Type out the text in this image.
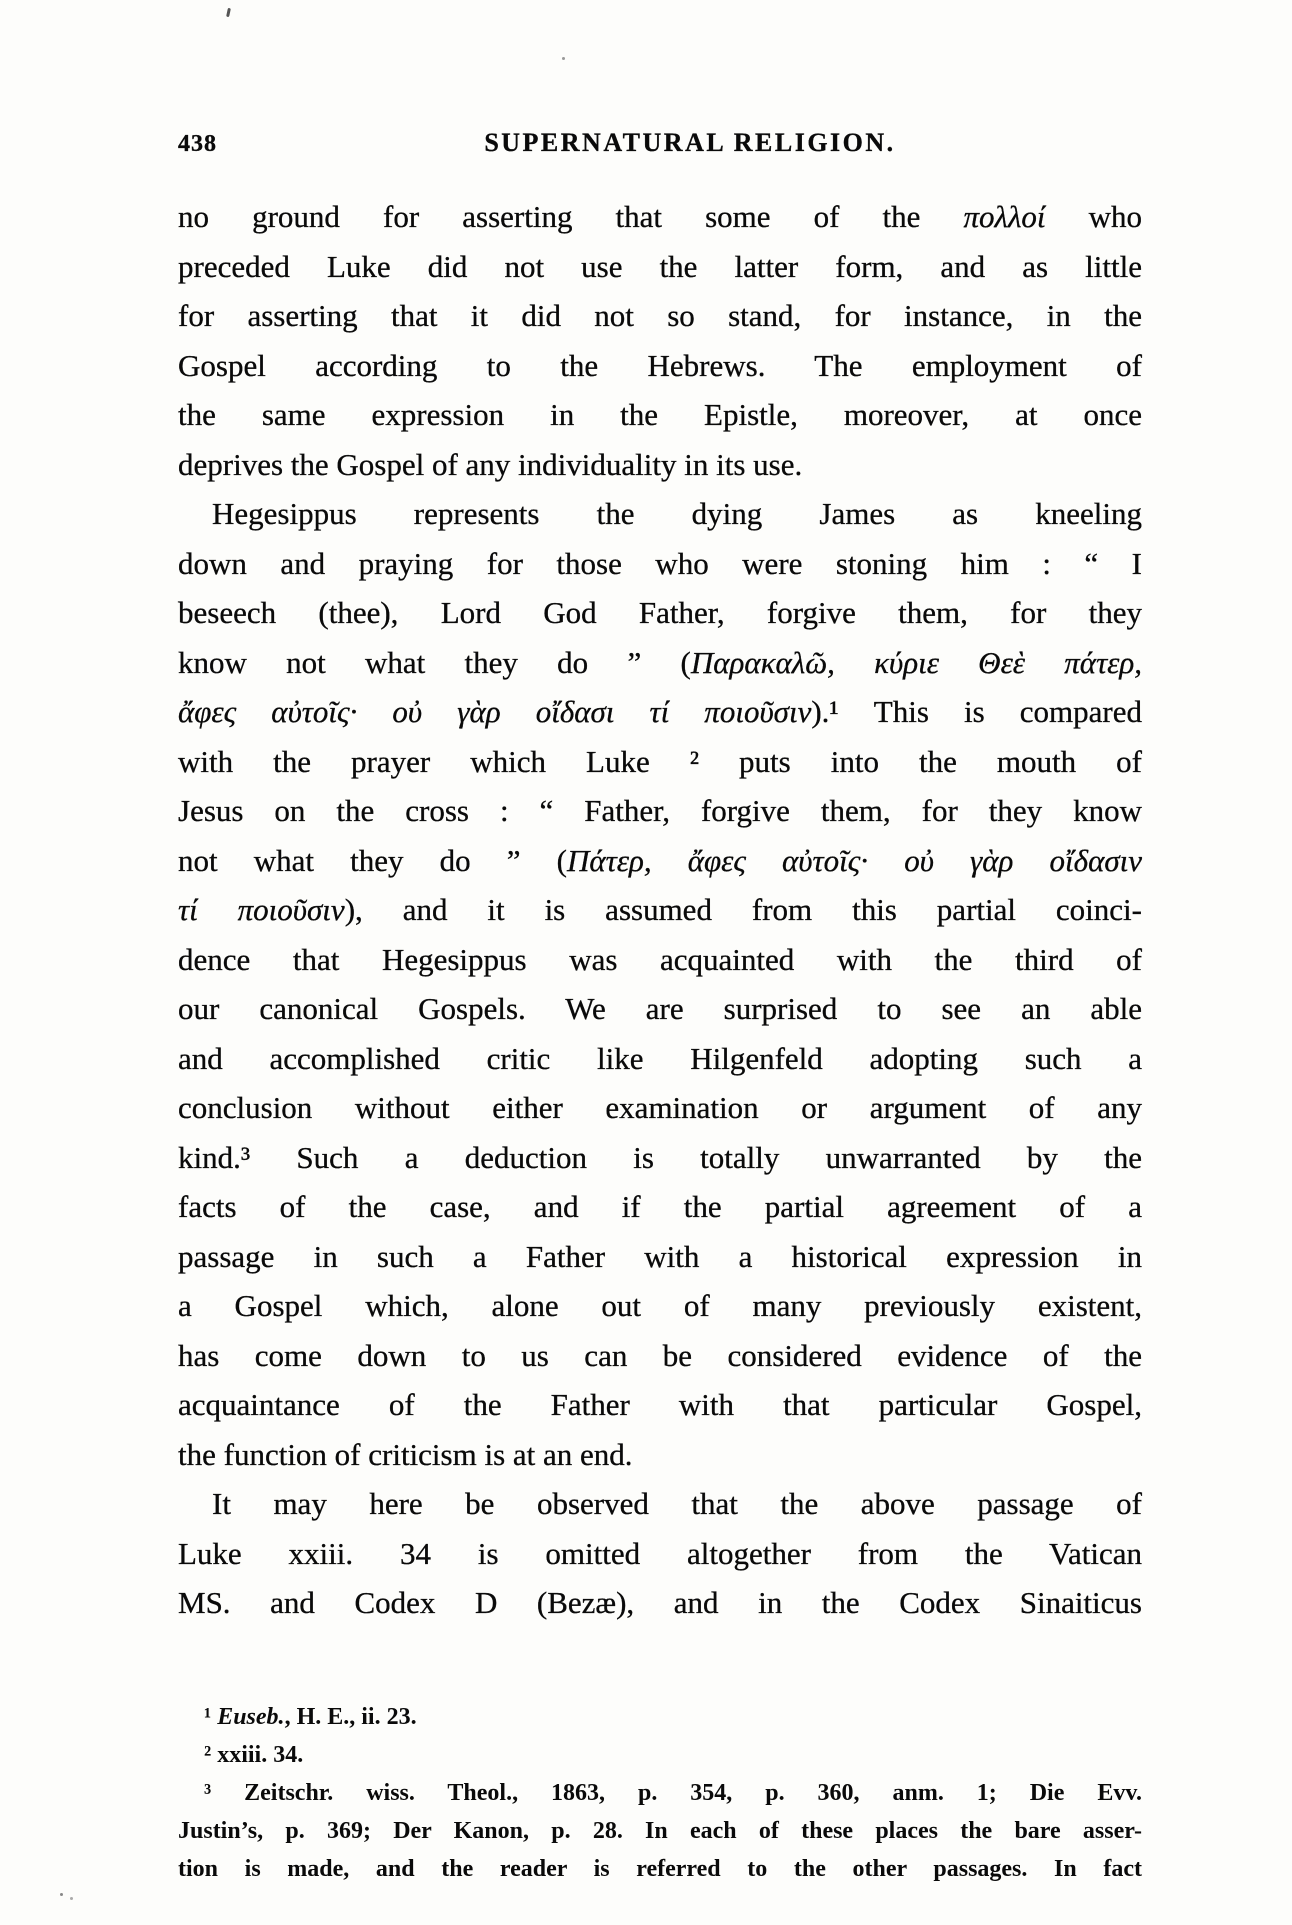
438	SUPERNATURAL RELIGION.
no ground for asserting that some of the πολλοί who
preceded Luke did not use the latter form, and as little
for asserting that it did not so stand, for instance, in the
Gospel according to the Hebrews. The employment of
the same expression in the Epistle, moreover, at once
deprives the Gospel of any individuality in its use.
Hegesippus represents the dying James as kneeling
down and praying for those who were stoning him : “ I
beseech (thee), Lord God Father, forgive them, for they
know not what they do ” (Παρακαλῶ, κύριε Θεὲ πάτερ,
ἄφες αὐτοῖς· οὐ γὰρ οἴδασι τί ποιοῦσιν).¹ This is compared
with the prayer which Luke ² puts into the mouth of
Jesus on the cross : “ Father, forgive them, for they know
not what they do ” (Πάτερ, ἄφες αὐτοῖς· οὐ γὰρ οἴδασιν
τί ποιοῦσιν), and it is assumed from this partial coinci-
dence that Hegesippus was acquainted with the third of
our canonical Gospels. We are surprised to see an able
and accomplished critic like Hilgenfeld adopting such a
conclusion without either examination or argument of any
kind.³ Such a deduction is totally unwarranted by the
facts of the case, and if the partial agreement of a
passage in such a Father with a historical expression in
a Gospel which, alone out of many previously existent,
has come down to us can be considered evidence of the
acquaintance of the Father with that particular Gospel,
the function of criticism is at an end.
It may here be observed that the above passage of
Luke xxiii. 34 is omitted altogether from the Vatican
MS. and Codex D (Bezæ), and in the Codex Sinaiticus
¹ Euseb., H. E., ii. 23.
² xxiii. 34.
³ Zeitschr. wiss. Theol., 1863, p. 354, p. 360, anm. 1; Die Evv.
Justin’s, p. 369; Der Kanon, p. 28. In each of these places the bare asser-
tion is made, and the reader is referred to the other passages. In fact
